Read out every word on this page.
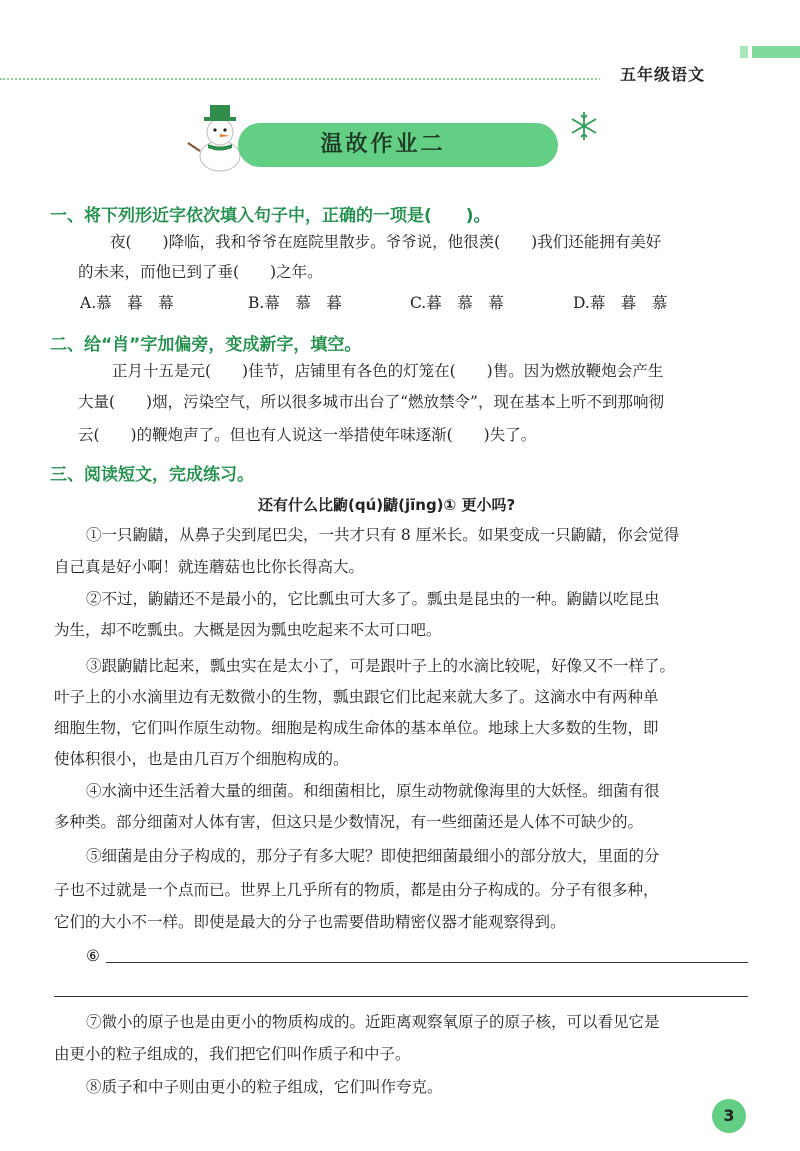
五年级语文
温故作业二
一、将下列形近字依次填入句子中，正确的一项是(　　)。
夜(　　)降临，我和爷爷在庭院里散步。爷爷说，他很羡(　　)我们还能拥有美好
的未来，而他已到了垂(　　)之年。
A.慕　暮　幕	B.幕　慕　暮	C.暮　慕　幕	D.幕　暮　慕
二、给“肖”字加偏旁，变成新字，填空。
正月十五是元(　　)佳节，店铺里有各色的灯笼在(　　)售。因为燃放鞭炮会产生
大量(　　)烟，污染空气，所以很多城市出台了“燃放禁令”，现在基本上听不到那响彻
云(　　)的鞭炮声了。但也有人说这一举措使年味逐渐(　　)失了。
三、阅读短文，完成练习。
还有什么比鼩(qú)鼱(jīng)① 更小吗?
①一只鼩鼱，从鼻子尖到尾巴尖，一共才只有 8 厘米长。如果变成一只鼩鼱，你会觉得
自己真是好小啊！就连蘑菇也比你长得高大。
②不过，鼩鼱还不是最小的，它比瓢虫可大多了。瓢虫是昆虫的一种。鼩鼱以吃昆虫
为生，却不吃瓢虫。大概是因为瓢虫吃起来不太可口吧。
③跟鼩鼱比起来，瓢虫实在是太小了，可是跟叶子上的水滴比较呢，好像又不一样了。
叶子上的小水滴里边有无数微小的生物，瓢虫跟它们比起来就大多了。这滴水中有两种单
细胞生物，它们叫作原生动物。细胞是构成生命体的基本单位。地球上大多数的生物，即
使体积很小，也是由几百万个细胞构成的。
④水滴中还生活着大量的细菌。和细菌相比，原生动物就像海里的大妖怪。细菌有很
多种类。部分细菌对人体有害，但这只是少数情况，有一些细菌还是人体不可缺少的。
⑤细菌是由分子构成的，那分子有多大呢？即使把细菌最细小的部分放大，里面的分
子也不过就是一个点而已。世界上几乎所有的物质，都是由分子构成的。分子有很多种，
它们的大小不一样。即使是最大的分子也需要借助精密仪器才能观察得到。
⑥
⑦微小的原子也是由更小的物质构成的。近距离观察氧原子的原子核，可以看见它是
由更小的粒子组成的，我们把它们叫作质子和中子。
⑧质子和中子则由更小的粒子组成，它们叫作夸克。
3
